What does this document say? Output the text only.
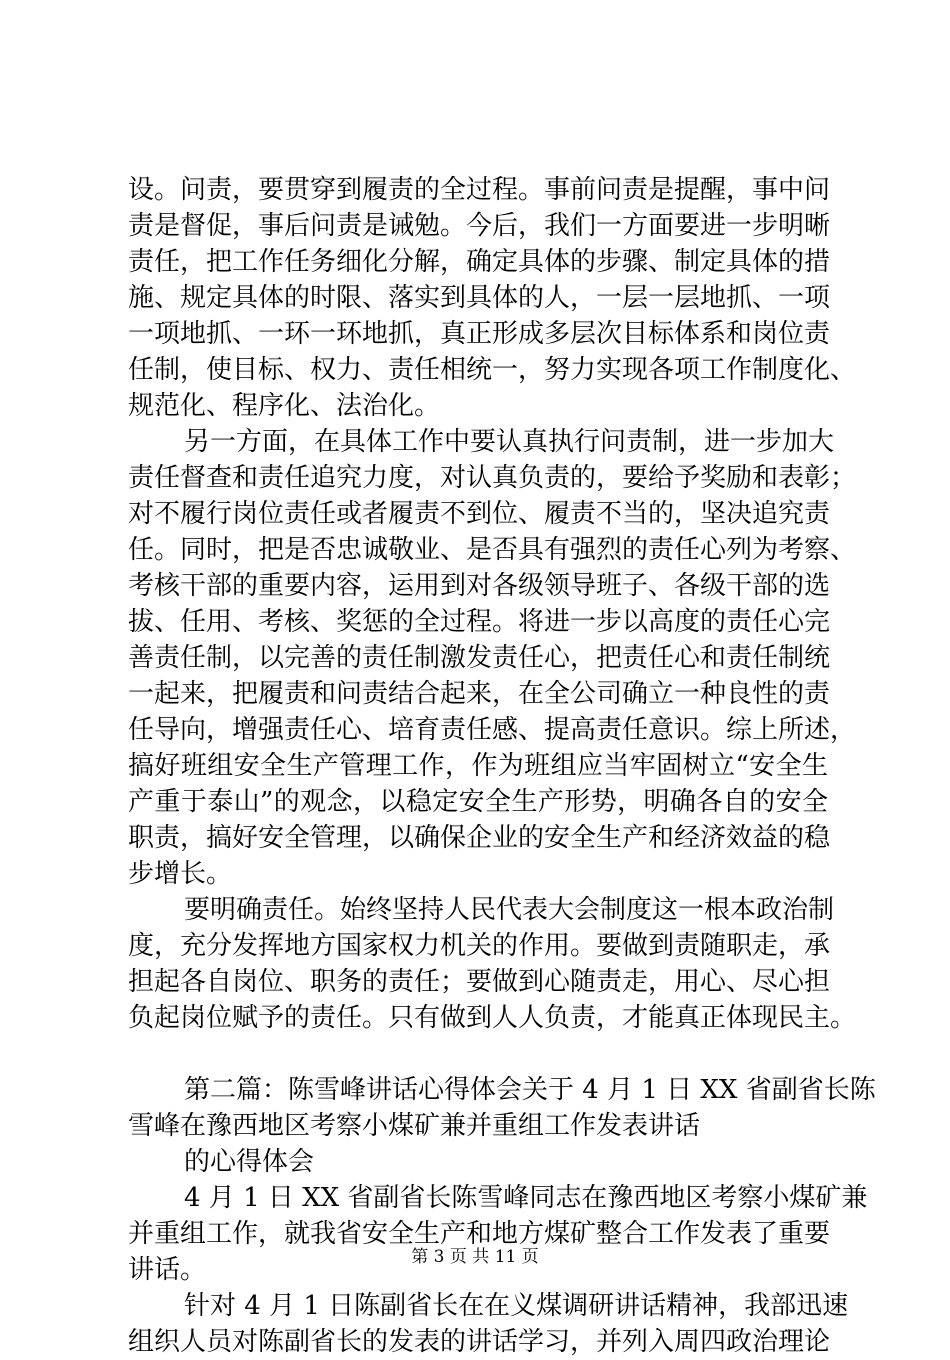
设。问责，要贯穿到履责的全过程。事前问责是提醒，事中问
责是督促，事后问责是诫勉。今后，我们一方面要进一步明晰
责任，把工作任务细化分解，确定具体的步骤、制定具体的措
施、规定具体的时限、落实到具体的人，一层一层地抓、一项
一项地抓、一环一环地抓，真正形成多层次目标体系和岗位责
任制，使目标、权力、责任相统一，努力实现各项工作制度化、
规范化、程序化、法治化。
另一方面，在具体工作中要认真执行问责制，进一步加大
责任督查和责任追究力度，对认真负责的，要给予奖励和表彰；
对不履行岗位责任或者履责不到位、履责不当的，坚决追究责
任。同时，把是否忠诚敬业、是否具有强烈的责任心列为考察、
考核干部的重要内容，运用到对各级领导班子、各级干部的选
拔、任用、考核、奖惩的全过程。将进一步以高度的责任心完
善责任制，以完善的责任制激发责任心，把责任心和责任制统
一起来，把履责和问责结合起来，在全公司确立一种良性的责
任导向，增强责任心、培育责任感、提高责任意识。综上所述，
搞好班组安全生产管理工作，作为班组应当牢固树立“安全生
产重于泰山”的观念，以稳定安全生产形势，明确各自的安全
职责，搞好安全管理，以确保企业的安全生产和经济效益的稳
步增长。
要明确责任。始终坚持人民代表大会制度这一根本政治制
度，充分发挥地方国家权力机关的作用。要做到责随职走，承
担起各自岗位、职务的责任；要做到心随责走，用心、尽心担
负起岗位赋予的责任。只有做到人人负责，才能真正体现民主。
第二篇：陈雪峰讲话心得体会关于 4 月 1 日 XX 省副省长陈
雪峰在豫西地区考察小煤矿兼并重组工作发表讲话
的心得体会
4 月 1 日 XX 省副省长陈雪峰同志在豫西地区考察小煤矿兼
并重组工作，就我省安全生产和地方煤矿整合工作发表了重要
讲话。
针对 4 月 1 日陈副省长在在义煤调研讲话精神，我部迅速
组织人员对陈副省长的发表的讲话学习，并列入周四政治理论
第 3 页 共 11 页
